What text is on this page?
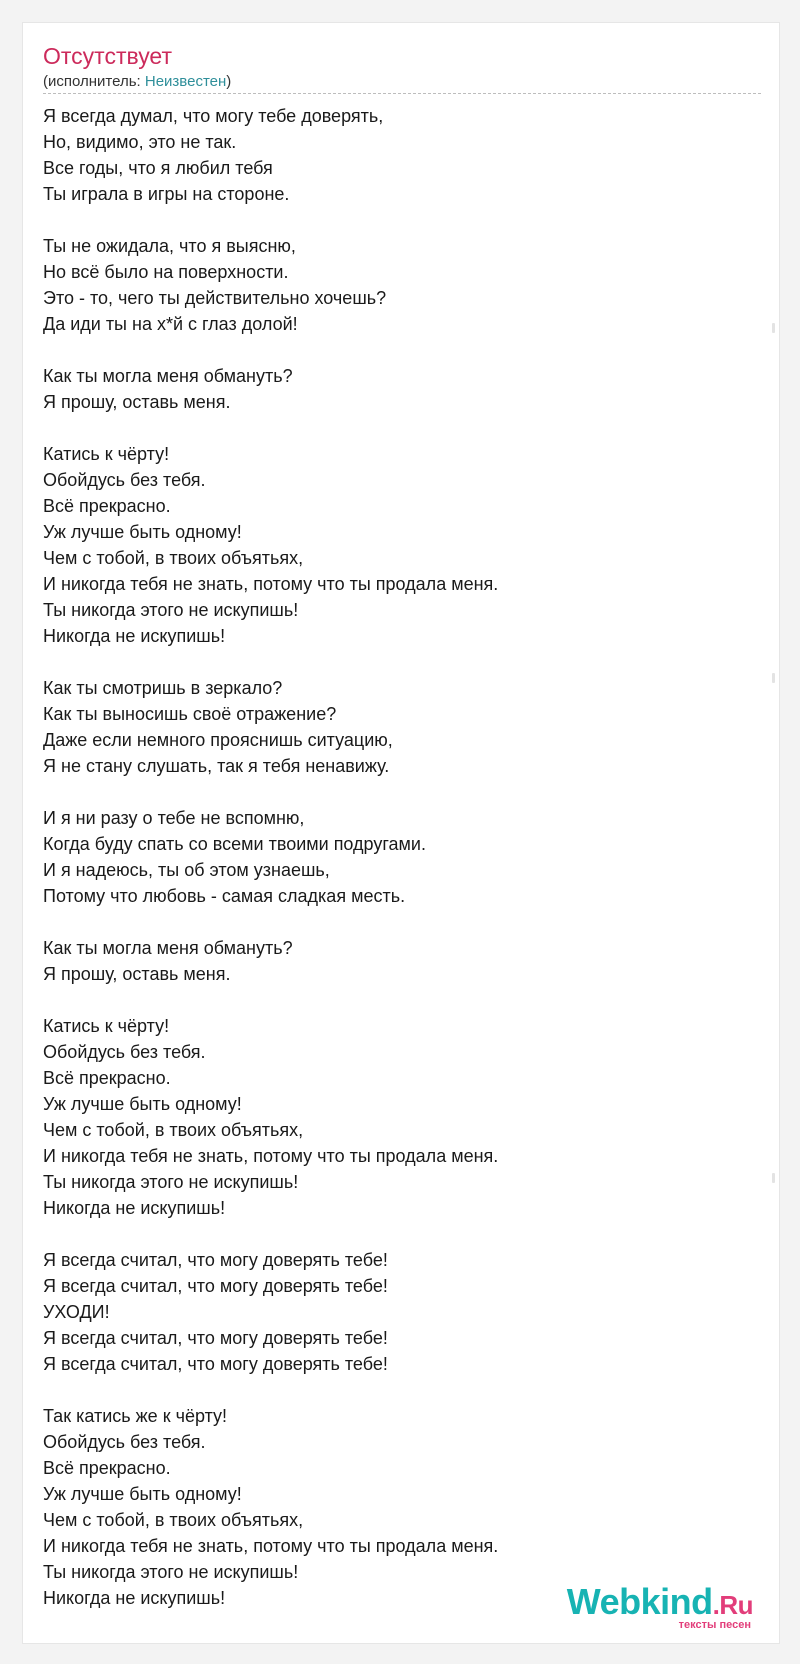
Отсутствует
(исполнитель: Неизвестен)
Я всегда думал, что могу тебе доверять,
Но, видимо, это не так.
Все годы, что я любил тебя
Ты играла в игры на стороне.
Ты не ожидала, что я выясню,
Но всё было на поверхности.
Это - то, чего ты действительно хочешь?
Да иди ты на х*й с глаз долой!
Как ты могла меня обмануть?
Я прошу, оставь меня.
Катись к чёрту!
Обойдусь без тебя.
Всё прекрасно.
Уж лучше быть одному!
Чем с тобой, в твоих объятьях,
И никогда тебя не знать, потому что ты продала меня.
Ты никогда этого не искупишь!
Никогда не искупишь!
Как ты смотришь в зеркало?
Как ты выносишь своё отражение?
Даже если немного прояснишь ситуацию,
Я не стану слушать, так я тебя ненавижу.
И я ни разу о тебе не вспомню,
Когда буду спать со всеми твоими подругами.
И я надеюсь, ты об этом узнаешь,
Потому что любовь - самая сладкая месть.
Как ты могла меня обмануть?
Я прошу, оставь меня.
Катись к чёрту!
Обойдусь без тебя.
Всё прекрасно.
Уж лучше быть одному!
Чем с тобой, в твоих объятьях,
И никогда тебя не знать, потому что ты продала меня.
Ты никогда этого не искупишь!
Никогда не искупишь!
Я всегда считал, что могу доверять тебе!
Я всегда считал, что могу доверять тебе!
УХОДИ!
Я всегда считал, что могу доверять тебе!
Я всегда считал, что могу доверять тебе!
Так катись же к чёрту!
Обойдусь без тебя.
Всё прекрасно.
Уж лучше быть одному!
Чем с тобой, в твоих объятьях,
И никогда тебя не знать, потому что ты продала меня.
Ты никогда этого не искупишь!
Никогда не искупишь!	Webkind.Ru
тексты песен
